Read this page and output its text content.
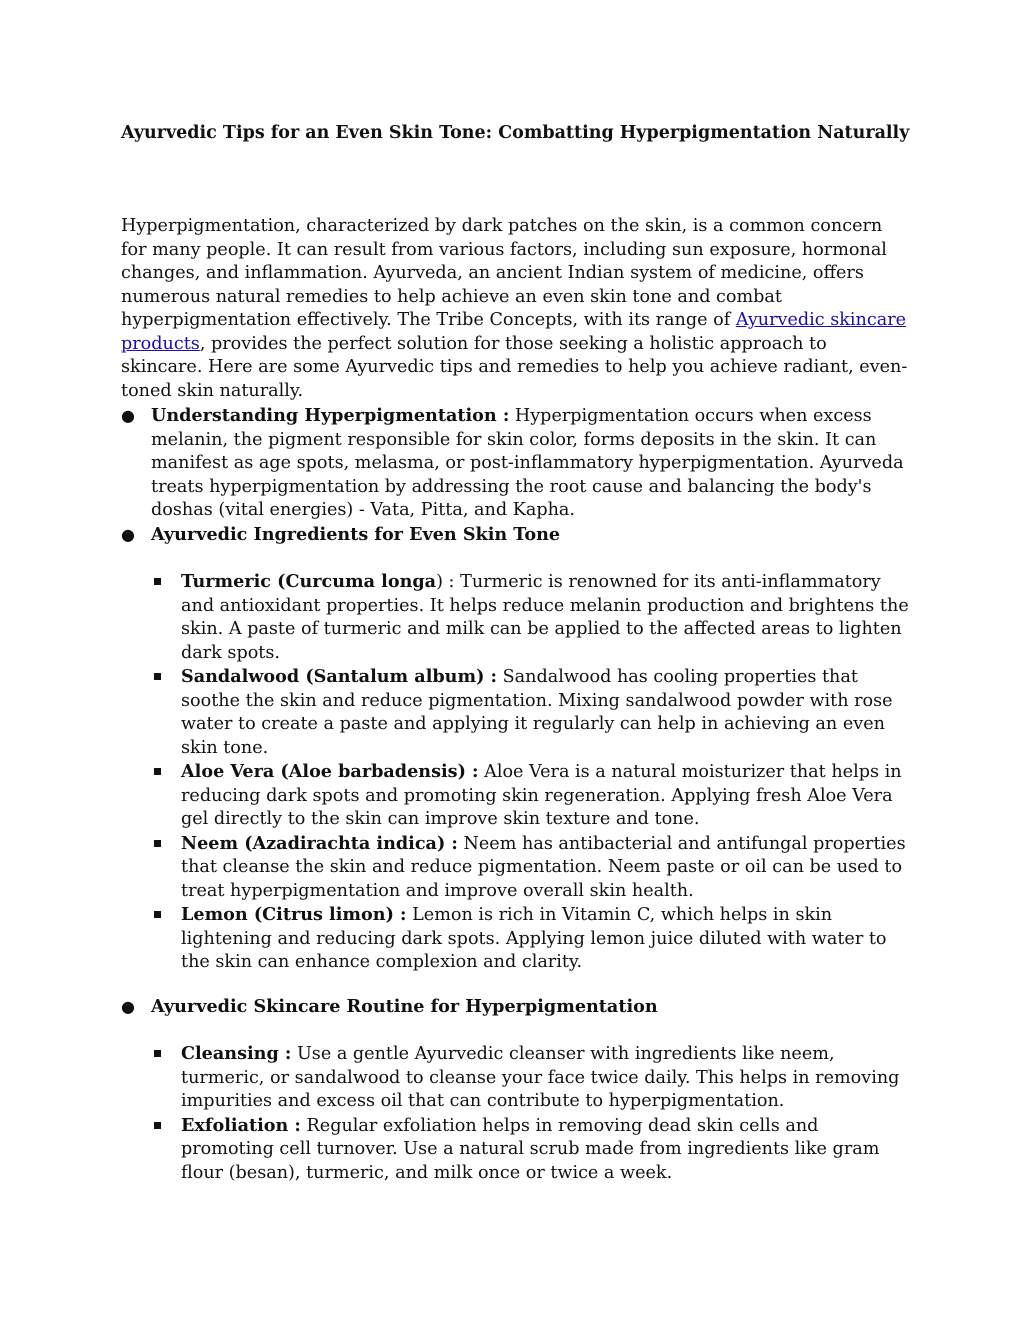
Ayurvedic Tips for an Even Skin Tone: Combatting Hyperpigmentation Naturally

Hyperpigmentation, characterized by dark patches on the skin, is a common concern for many people. It can result from various factors, including sun exposure, hormonal changes, and inflammation. Ayurveda, an ancient Indian system of medicine, offers numerous natural remedies to help achieve an even skin tone and combat hyperpigmentation effectively. The Tribe Concepts, with its range of Ayurvedic skincare products, provides the perfect solution for those seeking a holistic approach to skincare. Here are some Ayurvedic tips and remedies to help you achieve radiant, even-toned skin naturally.

● Understanding Hyperpigmentation : Hyperpigmentation occurs when excess melanin, the pigment responsible for skin color, forms deposits in the skin. It can manifest as age spots, melasma, or post-inflammatory hyperpigmentation. Ayurveda treats hyperpigmentation by addressing the root cause and balancing the body's doshas (vital energies) - Vata, Pitta, and Kapha.
● Ayurvedic Ingredients for Even Skin Tone
Turmeric (Curcuma longa) : Turmeric is renowned for its anti-inflammatory and antioxidant properties. It helps reduce melanin production and brightens the skin. A paste of turmeric and milk can be applied to the affected areas to lighten dark spots.
Sandalwood (Santalum album) : Sandalwood has cooling properties that soothe the skin and reduce pigmentation. Mixing sandalwood powder with rose water to create a paste and applying it regularly can help in achieving an even skin tone.
Aloe Vera (Aloe barbadensis) : Aloe Vera is a natural moisturizer that helps in reducing dark spots and promoting skin regeneration. Applying fresh Aloe Vera gel directly to the skin can improve skin texture and tone.
Neem (Azadirachta indica) : Neem has antibacterial and antifungal properties that cleanse the skin and reduce pigmentation. Neem paste or oil can be used to treat hyperpigmentation and improve overall skin health.
Lemon (Citrus limon) : Lemon is rich in Vitamin C, which helps in skin lightening and reducing dark spots. Applying lemon juice diluted with water to the skin can enhance complexion and clarity.
● Ayurvedic Skincare Routine for Hyperpigmentation
Cleansing : Use a gentle Ayurvedic cleanser with ingredients like neem, turmeric, or sandalwood to cleanse your face twice daily. This helps in removing impurities and excess oil that can contribute to hyperpigmentation.
Exfoliation : Regular exfoliation helps in removing dead skin cells and promoting cell turnover. Use a natural scrub made from ingredients like gram flour (besan), turmeric, and milk once or twice a week.
